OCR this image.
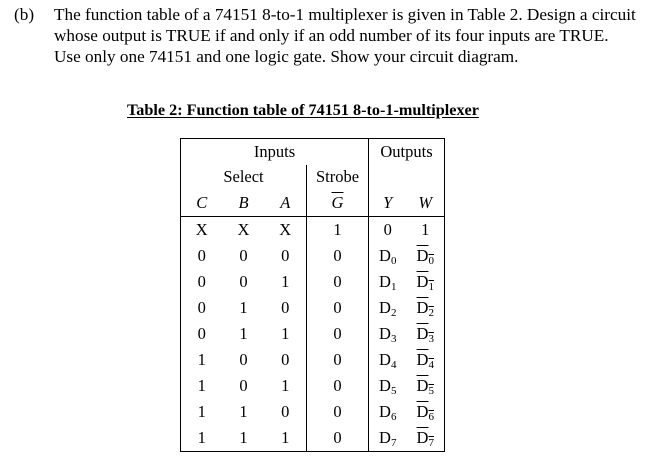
(b) The function table of a 74151 8-to-1 multiplexer is given in Table 2. Design a circuit
whose output is TRUE if and only if an odd number of its four inputs are TRUE.
Use only one 74151 and one logic gate. Show your circuit diagram.
Table 2: Function table of 74151 8-to-1-multiplexer
Inputs				Outputs	
Select			Strobe		
C	B	A	$\overline{G}$	Y	W
X	X	X	1	0	1
0	0	0	0	$D_0$	$D_0$
0	0	1	0	$D_1$	$D_1$
0	1	0	0	$D_2$	$D_2$
0	1	1	0	$D_3$	$D_3$
1	0	0	0	$D_4$	$D_4$
1	0	1	0	$D_5$	$D_5$
1	1	0	0	$D_6$	$D_6$
1	1	1	0	$D_7$	$D_7$
